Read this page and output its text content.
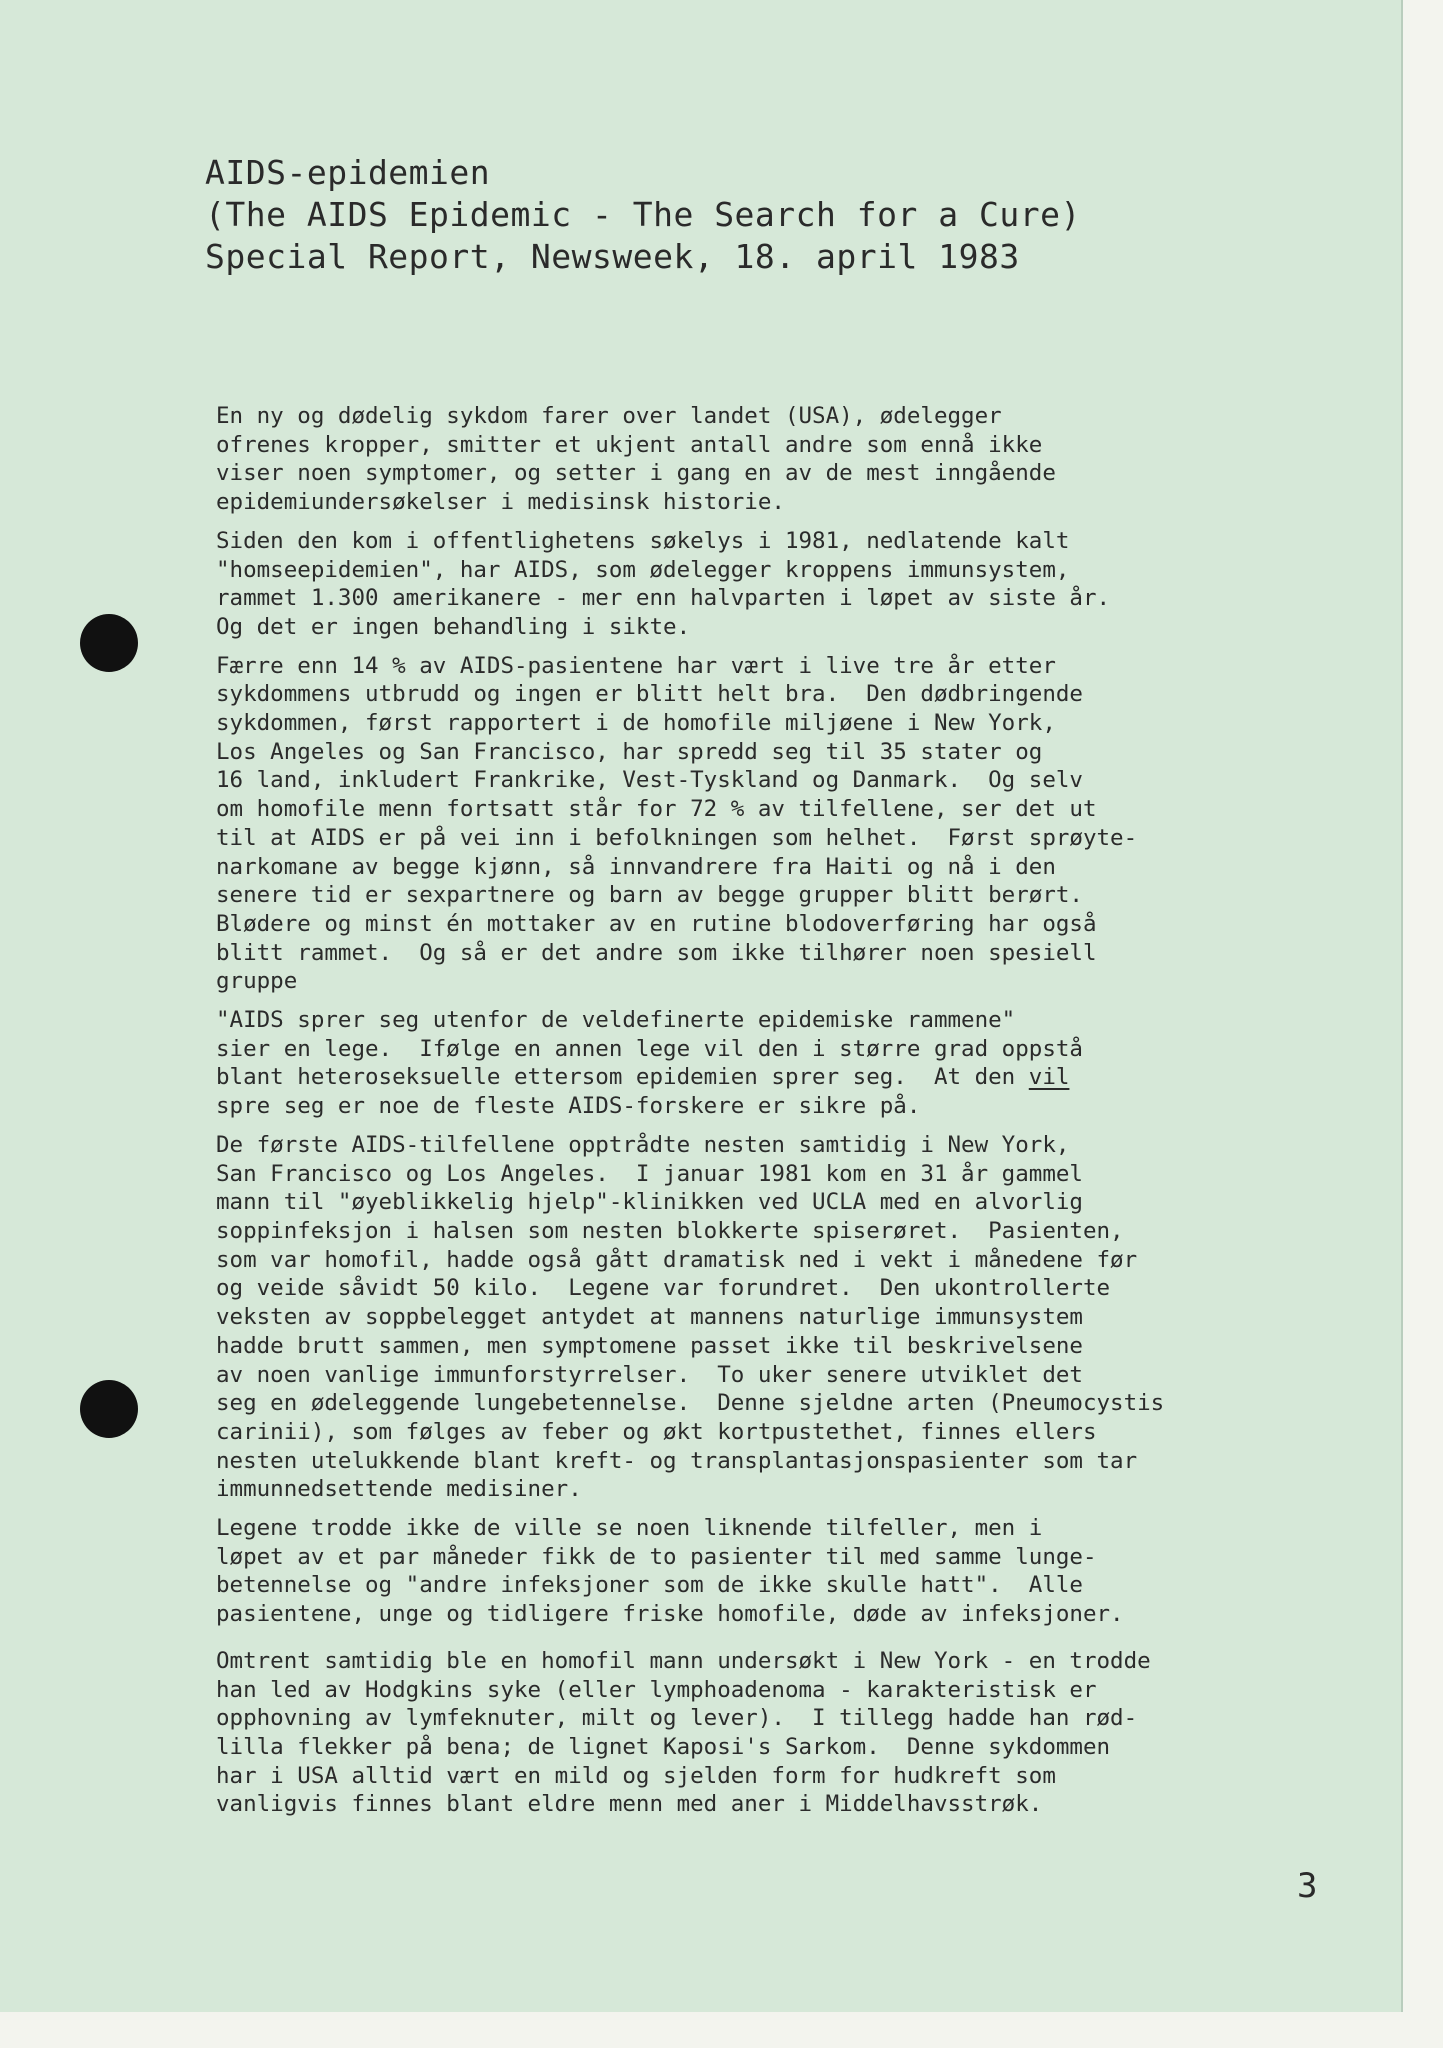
AIDS-epidemien
(The AIDS Epidemic - The Search for a Cure)
Special Report, Newsweek, 18. april 1983
En ny og dødelig sykdom farer over landet (USA), ødelegger
ofrenes kropper, smitter et ukjent antall andre som ennå ikke
viser noen symptomer, og setter i gang en av de mest inngående
epidemiundersøkelser i medisinsk historie.
Siden den kom i offentlighetens søkelys i 1981, nedlatende kalt
"homseepidemien", har AIDS, som ødelegger kroppens immunsystem,
rammet 1.300 amerikanere - mer enn halvparten i løpet av siste år.
Og det er ingen behandling i sikte.
Færre enn 14 % av AIDS-pasientene har vært i live tre år etter
sykdommens utbrudd og ingen er blitt helt bra.  Den dødbringende
sykdommen, først rapportert i de homofile miljøene i New York,
Los Angeles og San Francisco, har spredd seg til 35 stater og
16 land, inkludert Frankrike, Vest-Tyskland og Danmark.  Og selv
om homofile menn fortsatt står for 72 % av tilfellene, ser det ut
til at AIDS er på vei inn i befolkningen som helhet.  Først sprøyte-
narkomane av begge kjønn, så innvandrere fra Haiti og nå i den
senere tid er sexpartnere og barn av begge grupper blitt berørt.
Blødere og minst én mottaker av en rutine blodoverføring har også
blitt rammet.  Og så er det andre som ikke tilhører noen spesiell
gruppe
"AIDS sprer seg utenfor de veldefinerte epidemiske rammene"
sier en lege.  Ifølge en annen lege vil den i større grad oppstå
blant heteroseksuelle ettersom epidemien sprer seg.  At den vil
spre seg er noe de fleste AIDS-forskere er sikre på.
De første AIDS-tilfellene opptrådte nesten samtidig i New York,
San Francisco og Los Angeles.  I januar 1981 kom en 31 år gammel
mann til "øyeblikkelig hjelp"-klinikken ved UCLA med en alvorlig
soppinfeksjon i halsen som nesten blokkerte spiserøret.  Pasienten,
som var homofil, hadde også gått dramatisk ned i vekt i månedene før
og veide såvidt 50 kilo.  Legene var forundret.  Den ukontrollerte
veksten av soppbelegget antydet at mannens naturlige immunsystem
hadde brutt sammen, men symptomene passet ikke til beskrivelsene
av noen vanlige immunforstyrrelser.  To uker senere utviklet det
seg en ødeleggende lungebetennelse.  Denne sjeldne arten (Pneumocystis
carinii), som følges av feber og økt kortpustethet, finnes ellers
nesten utelukkende blant kreft- og transplantasjonspasienter som tar
immunnedsettende medisiner.
Legene trodde ikke de ville se noen liknende tilfeller, men i
løpet av et par måneder fikk de to pasienter til med samme lunge-
betennelse og "andre infeksjoner som de ikke skulle hatt".  Alle
pasientene, unge og tidligere friske homofile, døde av infeksjoner.
Omtrent samtidig ble en homofil mann undersøkt i New York - en trodde
han led av Hodgkins syke (eller lymphoadenoma - karakteristisk er
opphovning av lymfeknuter, milt og lever).  I tillegg hadde han rød-
lilla flekker på bena; de lignet Kaposi's Sarkom.  Denne sykdommen
har i USA alltid vært en mild og sjelden form for hudkreft som
vanligvis finnes blant eldre menn med aner i Middelhavsstrøk.
3
